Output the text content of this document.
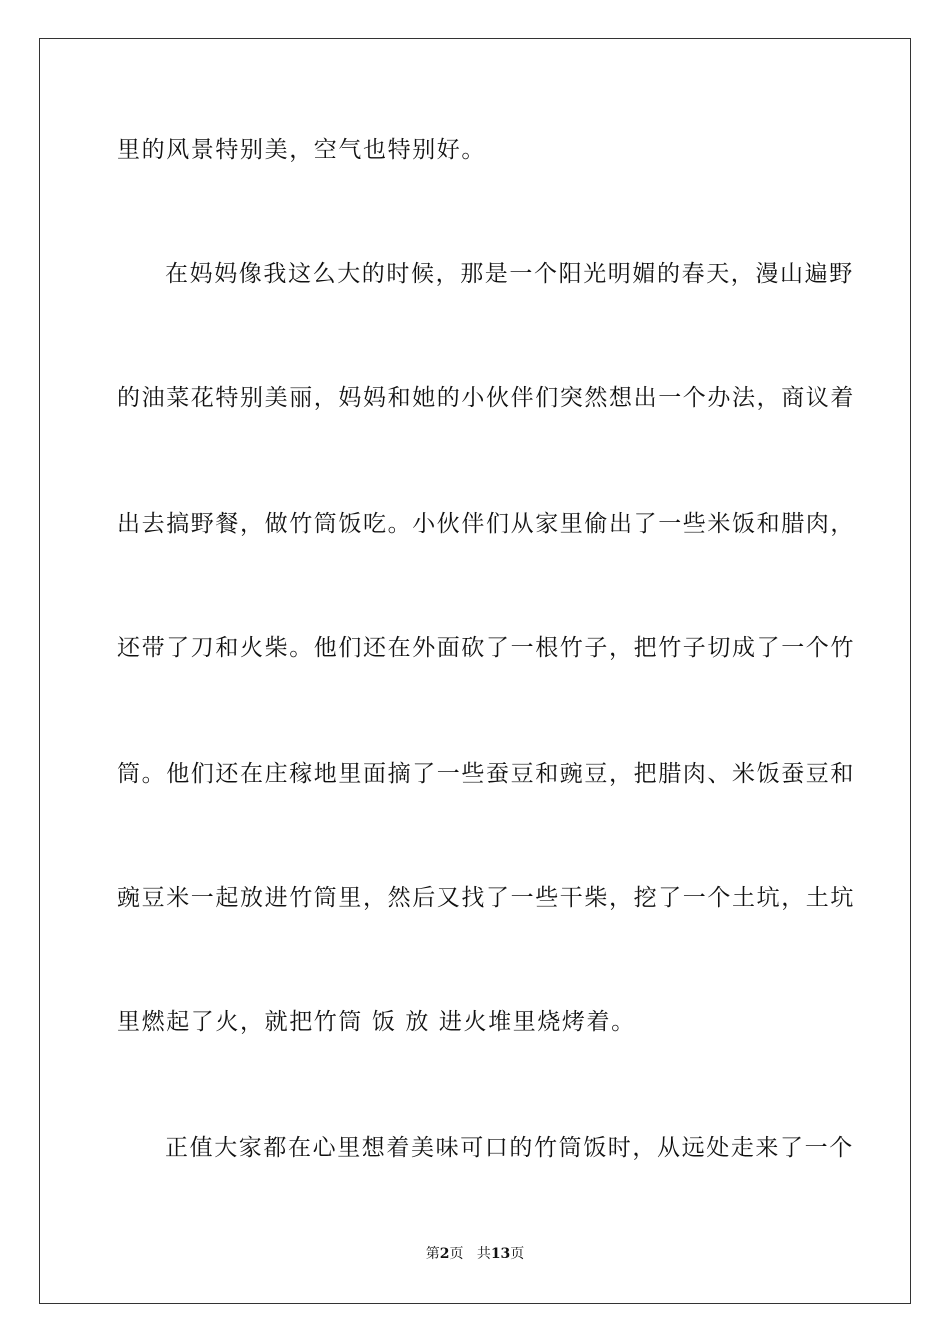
里的风景特别美，空气也特别好。
在妈妈像我这么大的时候，那是一个阳光明媚的春天，漫山遍野
的油菜花特别美丽，妈妈和她的小伙伴们突然想出一个办法，商议着
出去搞野餐，做竹筒饭吃。小伙伴们从家里偷出了一些米饭和腊肉，
还带了刀和火柴。他们还在外面砍了一根竹子，把竹子切成了一个竹
筒。他们还在庄稼地里面摘了一些蚕豆和豌豆，把腊肉、米饭蚕豆和
豌豆米一起放进竹筒里，然后又找了一些干柴，挖了一个土坑，土坑
里燃起了火，就把竹筒 饭 放 进火堆里烧烤着。
正值大家都在心里想着美味可口的竹筒饭时，从远处走来了一个
第2页 共13页
